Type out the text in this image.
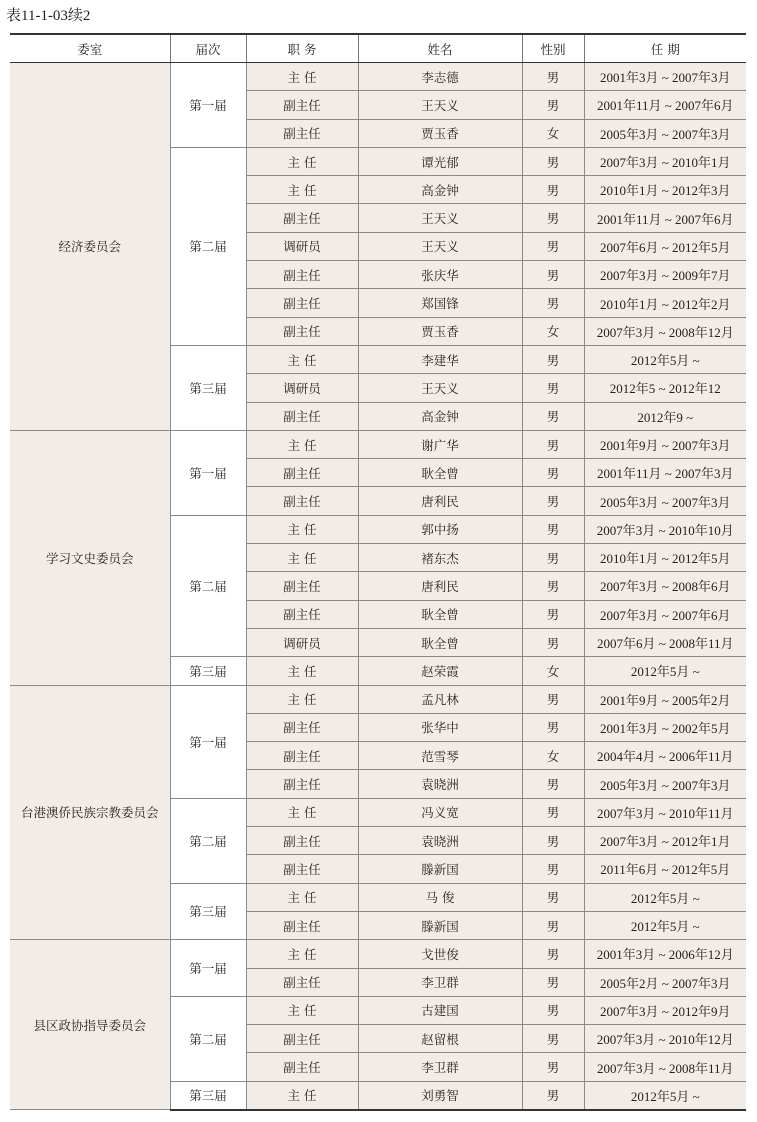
表11-1-03续2
委室	届次	职 务	姓名	性别	任 期
经济委员会	第一届	主 任	李志德	男	2001年3月 ~ 2007年3月
		副主任	王天义	男	2001年11月 ~ 2007年6月
		副主任	贾玉香	女	2005年3月 ~ 2007年3月
	第二届	主 任	谭光郁	男	2007年3月 ~ 2010年1月
		主 任	高金钟	男	2010年1月 ~ 2012年3月
		副主任	王天义	男	2001年11月 ~ 2007年6月
		调研员	王天义	男	2007年6月 ~ 2012年5月
		副主任	张庆华	男	2007年3月 ~ 2009年7月
		副主任	郑国锋	男	2010年1月 ~ 2012年2月
		副主任	贾玉香	女	2007年3月 ~ 2008年12月
	第三届	主 任	李建华	男	2012年5月 ~
		调研员	王天义	男	2012年5 ~ 2012年12
		副主任	高金钟	男	2012年9 ~
学习文史委员会	第一届	主 任	谢广华	男	2001年9月 ~ 2007年3月
		副主任	耿全曾	男	2001年11月 ~ 2007年3月
		副主任	唐利民	男	2005年3月 ~ 2007年3月
	第二届	主 任	郭中扬	男	2007年3月 ~ 2010年10月
		主 任	褚东杰	男	2010年1月 ~ 2012年5月
		副主任	唐利民	男	2007年3月 ~ 2008年6月
		副主任	耿全曾	男	2007年3月 ~ 2007年6月
		调研员	耿全曾	男	2007年6月 ~ 2008年11月
	第三届	主 任	赵荣霞	女	2012年5月 ~
台港澳侨民族宗教委员会	第一届	主 任	孟凡林	男	2001年9月 ~ 2005年2月
		副主任	张华中	男	2001年3月 ~ 2002年5月
		副主任	范雪琴	女	2004年4月 ~ 2006年11月
		副主任	袁晓洲	男	2005年3月 ~ 2007年3月
	第二届	主 任	冯义宽	男	2007年3月 ~ 2010年11月
		副主任	袁晓洲	男	2007年3月 ~ 2012年1月
		副主任	滕新国	男	2011年6月 ~ 2012年5月
	第三届	主 任	马 俊	男	2012年5月 ~
		副主任	滕新国	男	2012年5月 ~
县区政协指导委员会	第一届	主 任	戈世俊	男	2001年3月 ~ 2006年12月
		副主任	李卫群	男	2005年2月 ~ 2007年3月
	第二届	主 任	古建国	男	2007年3月 ~ 2012年9月
		副主任	赵留根	男	2007年3月 ~ 2010年12月
		副主任	李卫群	男	2007年3月 ~ 2008年11月
	第三届	主 任	刘勇智	男	2012年5月 ~
